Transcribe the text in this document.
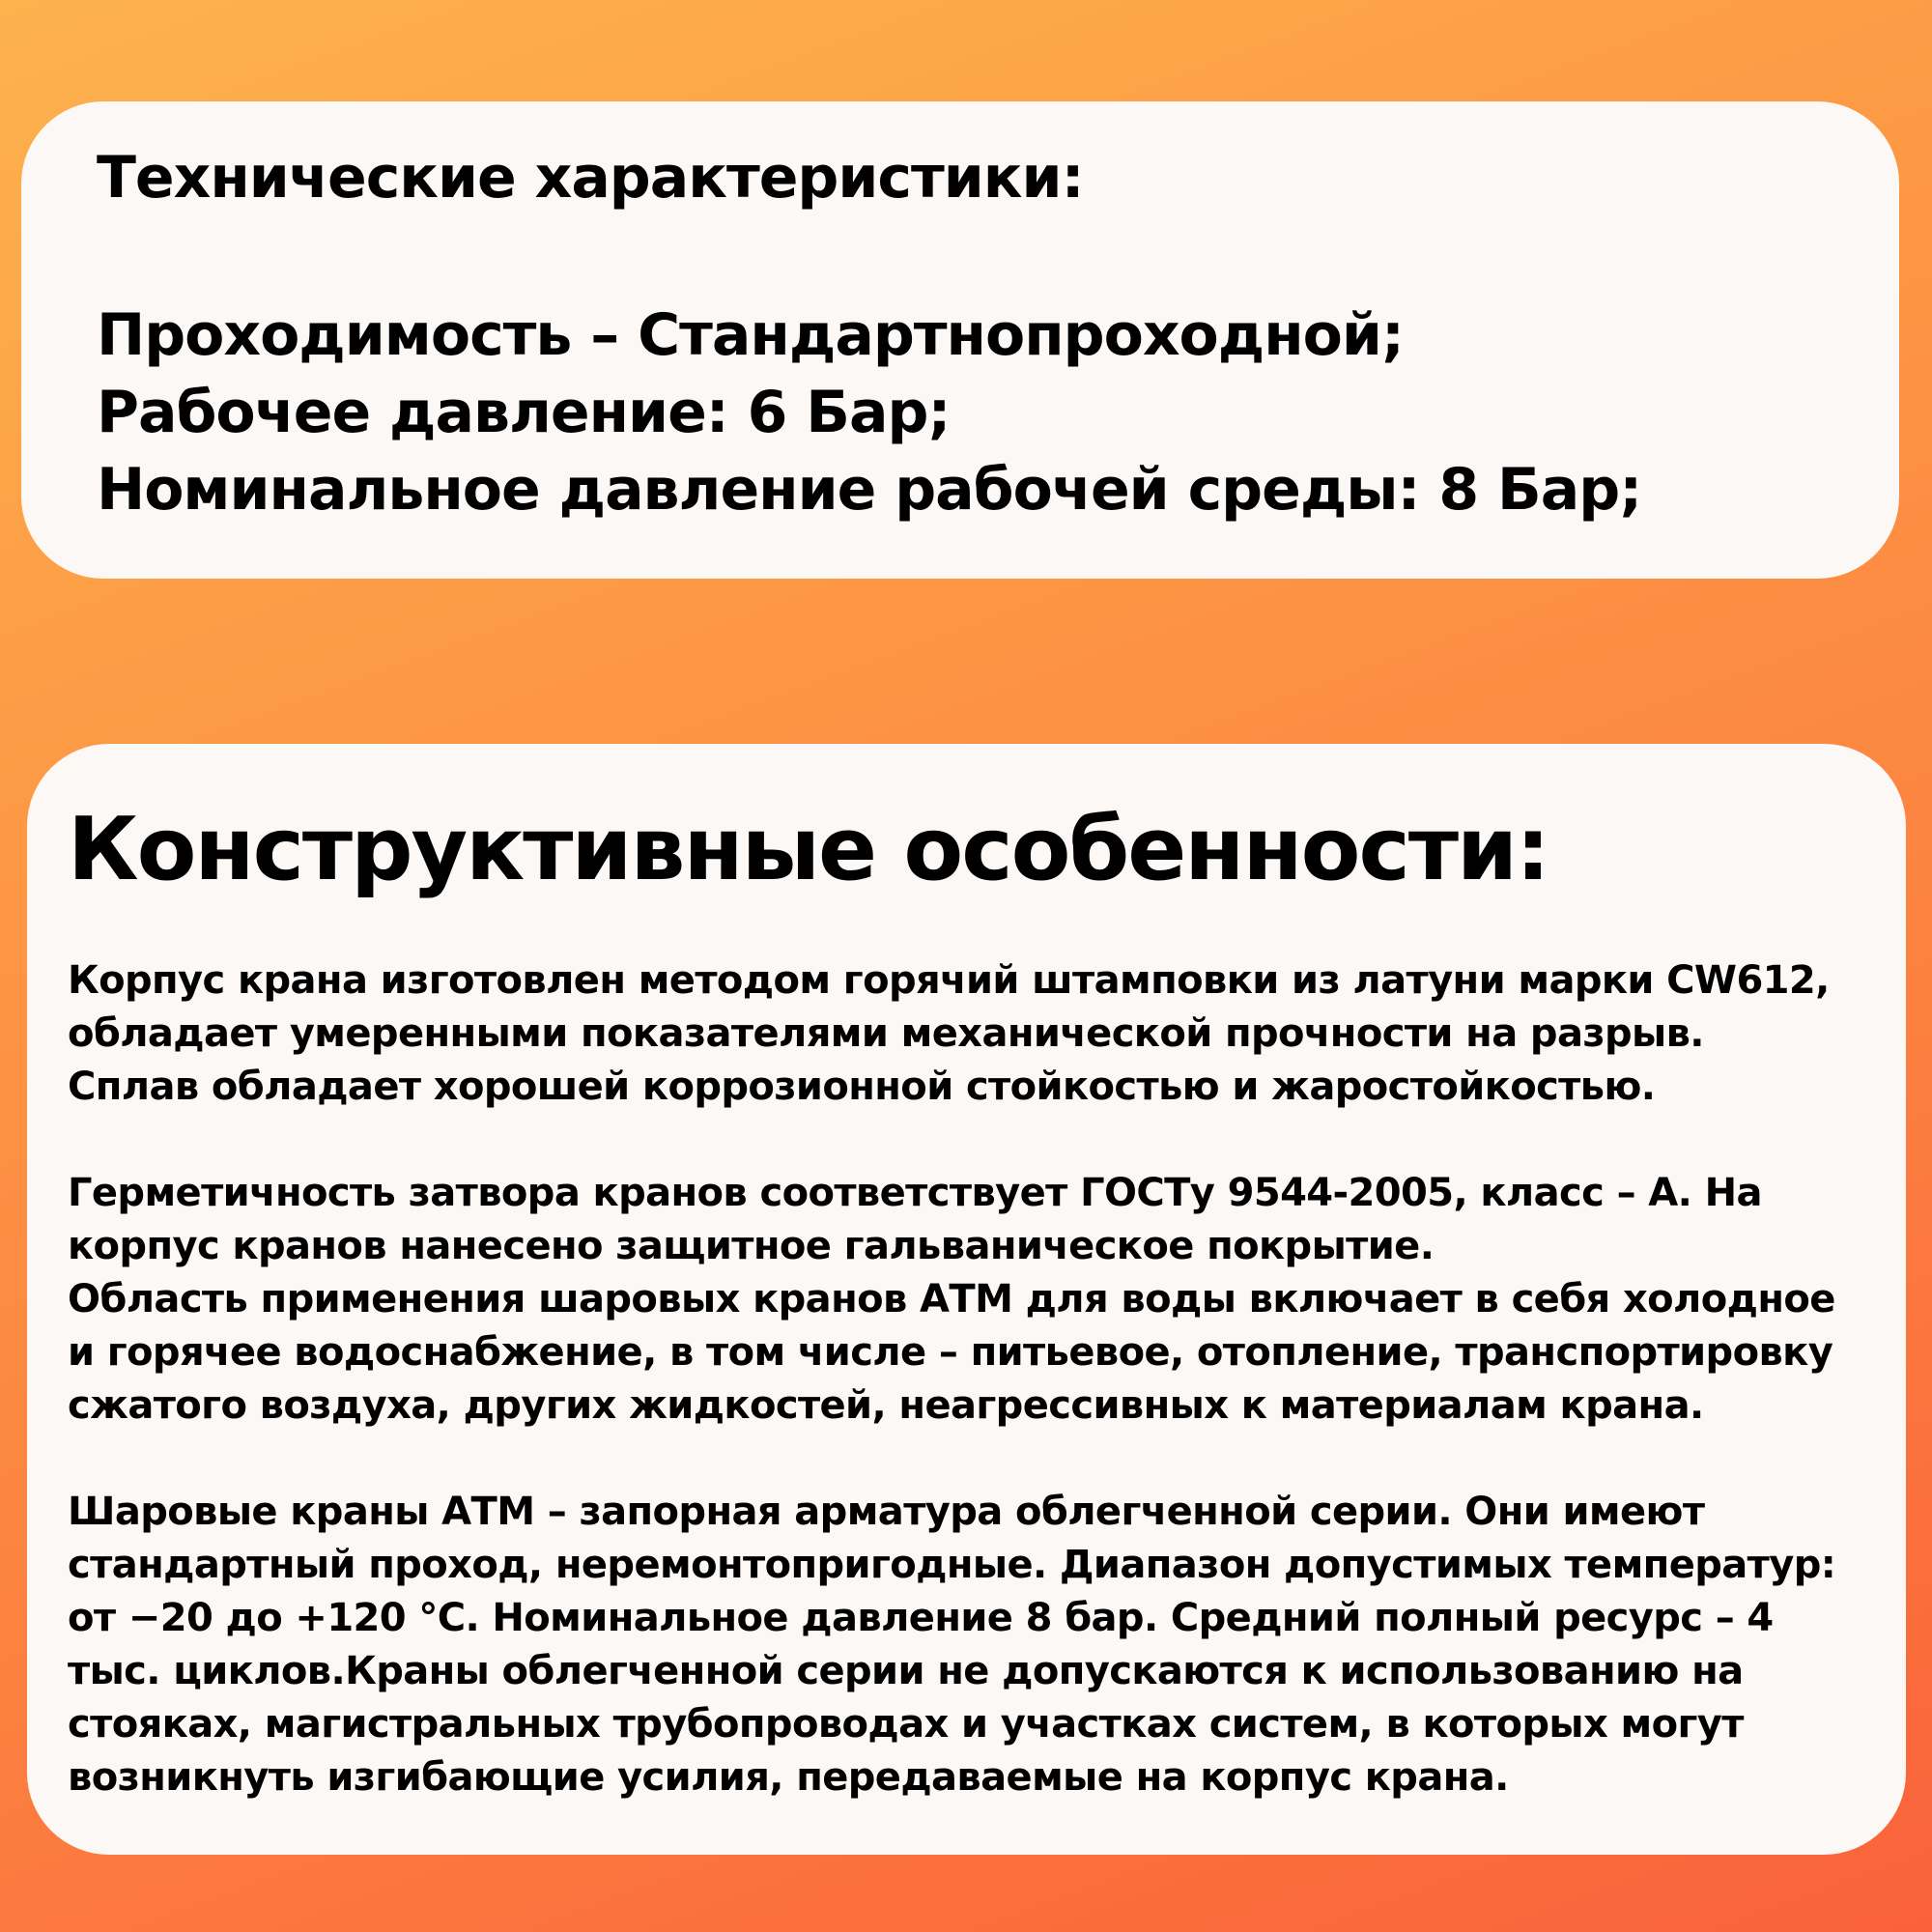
Технические характеристики:

Проходимость – Стандартнопроходной;

Рабочее давление: 6 Бар;

Номинальное давление рабочей среды: 8 Бар;

Конструктивные особенности:
Корпус крана изготовлен методом горячий штамповки из латуни марки CW612,
обладает умеренными показателями механической прочности на разрыв.
Сплав обладает хорошей коррозионной стойкостью и жаростойкостью.
Герметичность затвора кранов соответствует ГОСТу 9544-2005, класс – А. На
корпус кранов нанесено защитное гальваническое покрытие.
Область применения шаровых кранов АТМ для воды включает в себя холодное
и горячее водоснабжение, в том числе – питьевое, отопление, транспортировку
сжатого воздуха, других жидкостей, неагрессивных к материалам крана.
Шаровые краны АТМ – запорная арматура облегченной серии. Они имеют
стандартный проход, неремонтопригодные. Диапазон допустимых температур:
от −20 до +120 °С. Номинальное давление 8 бар. Средний полный ресурс – 4
тыс. циклов.Краны облегченной серии не допускаются к использованию на
стояках, магистральных трубопроводах и участках систем, в которых могут
возникнуть изгибающие усилия, передаваемые на корпус крана.
